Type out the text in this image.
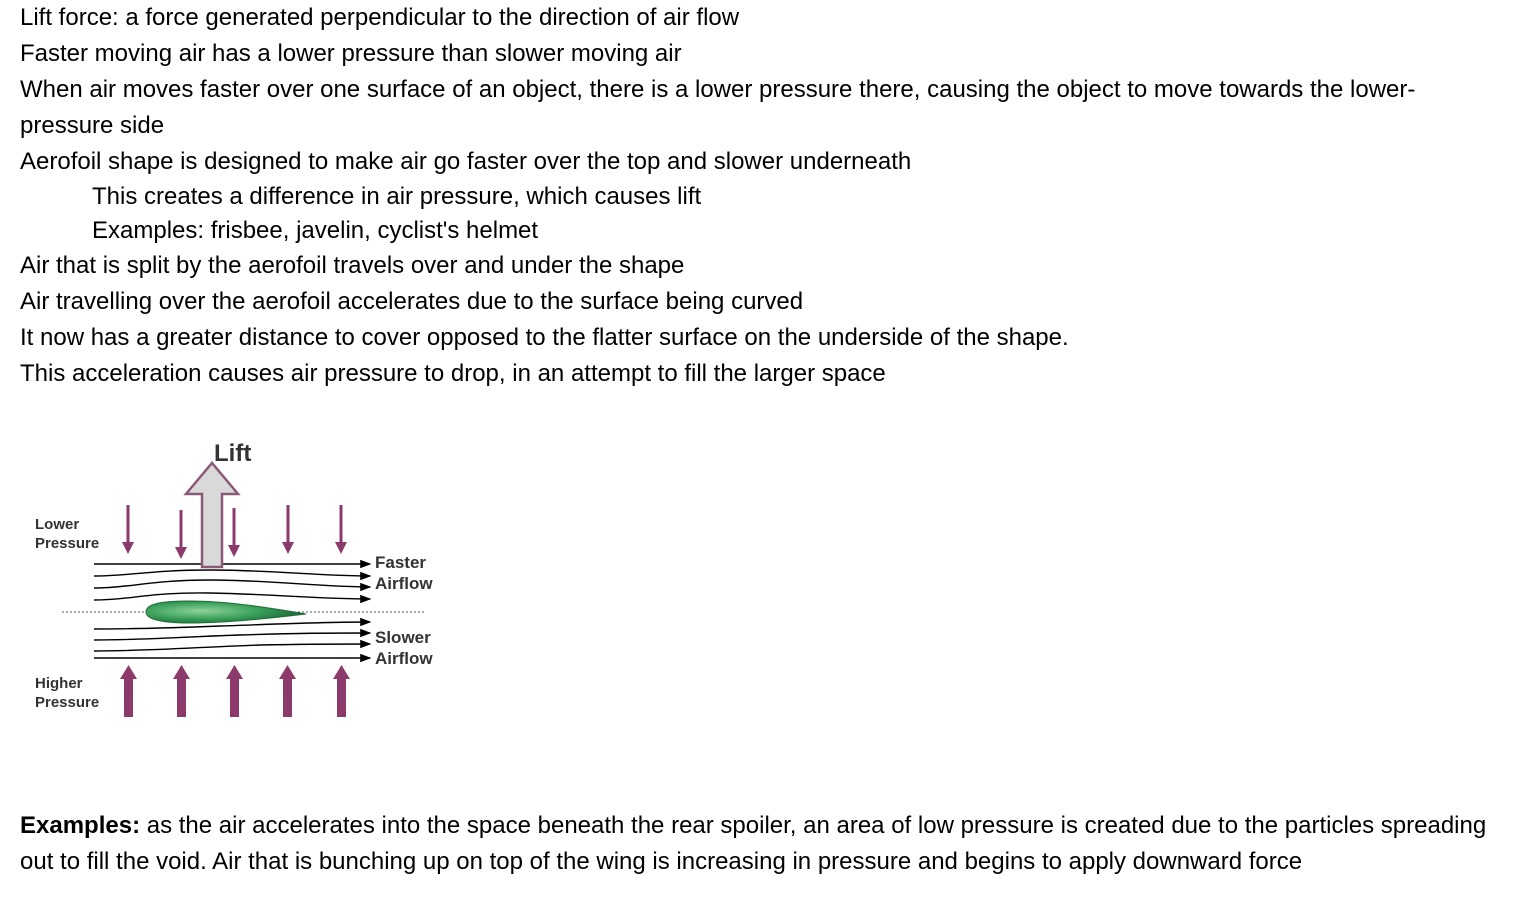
Lift force: a force generated perpendicular to the direction of air flow

Faster moving air has a lower pressure than slower moving air

When air moves faster over one surface of an object, there is a lower pressure there, causing the object to move towards the lower-pressure side

Aerofoil shape is designed to make air go faster over the top and slower underneath

This creates a difference in air pressure, which causes lift

Examples: frisbee, javelin, cyclist's helmet

Air that is split by the aerofoil travels over and under the shape

Air travelling over the aerofoil accelerates due to the surface being curved

It now has a greater distance to cover opposed to the flatter surface on the underside of the shape.

This acceleration causes air pressure to drop, in an attempt to fill the larger space

Lift
Lower
Pressure
Higher
Pressure
Faster
Airflow
Slower
Airflow

Examples: as the air accelerates into the space beneath the rear spoiler, an area of low pressure is created due to the particles spreading out to fill the void. Air that is bunching up on top of the wing is increasing in pressure and begins to apply downward force
